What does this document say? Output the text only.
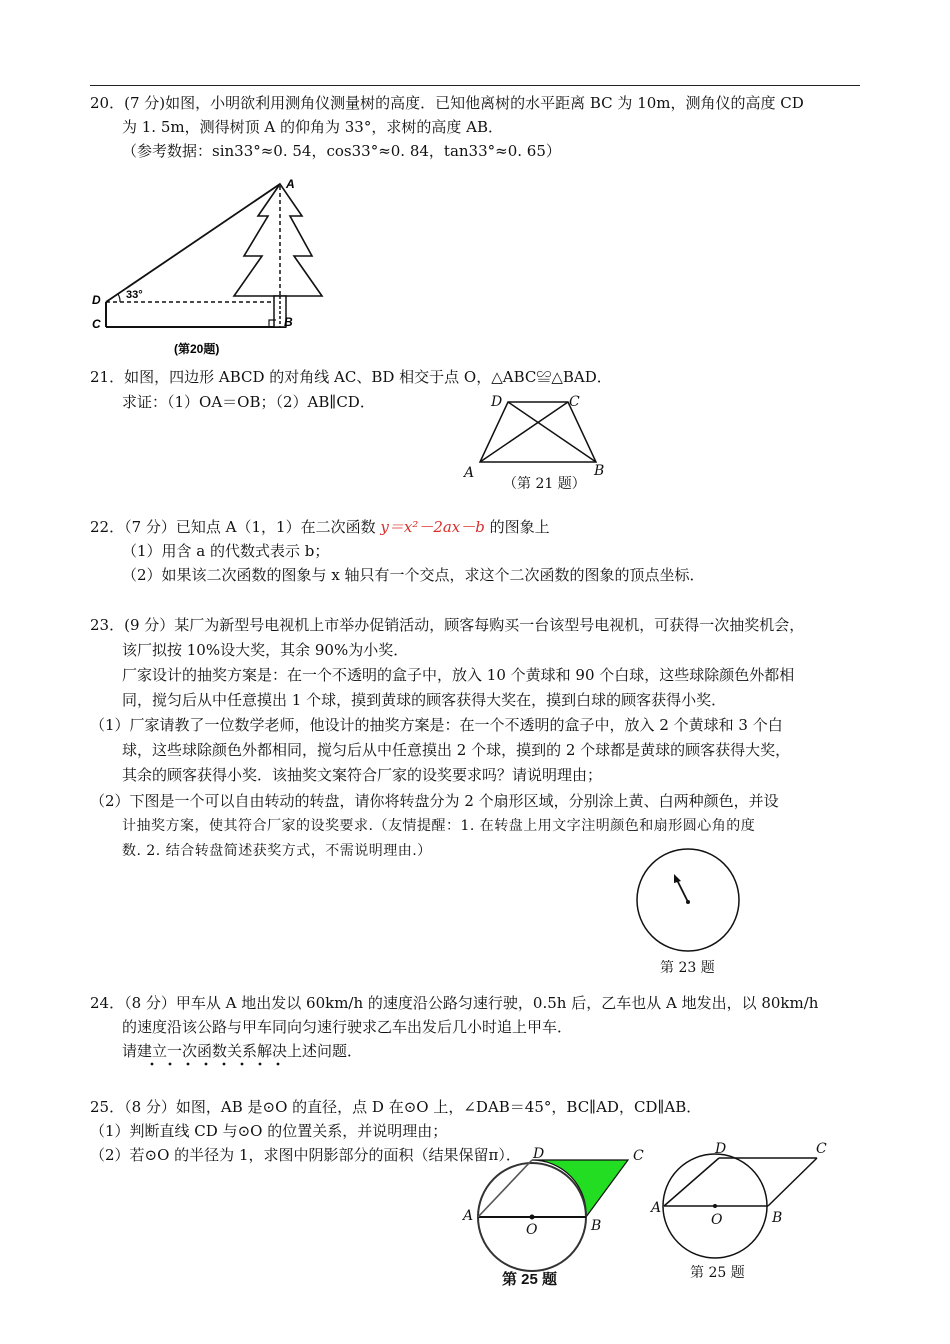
20．(7 分)如图，小明欲利用测角仪测量树的高度．已知他离树的水平距离 BC 为 10m，测角仪的高度 CD
为 1. 5m，测得树顶 A 的仰角为 33°，求树的高度 AB．
（参考数据：sin33°≈0. 54，cos33°≈0. 84，tan33°≈0. 65）
A
B
C
D 33°
(第20题)
21．如图，四边形 ABCD 的对角线 AC、BD 相交于点 O，△ABC≌△BAD．
求证：（1）OA＝OB；（2）AB∥CD．	D	C
A	B
（第 21 题）
22．（7 分）已知点 A（1，1）在二次函数 y＝x²－2ax－b 的图象上
（1）用含 a 的代数式表示 b；
（2）如果该二次函数的图象与 x 轴只有一个交点，求这个二次函数的图象的顶点坐标．
23．(9 分）某厂为新型号电视机上市举办促销活动，顾客每购买一台该型号电视机，可获得一次抽奖机会，
该厂拟按 10%设大奖，其余 90%为小奖．
厂家设计的抽奖方案是：在一个不透明的盒子中，放入 10 个黄球和 90 个白球，这些球除颜色外都相
同，搅匀后从中任意摸出 1 个球，摸到黄球的顾客获得大奖在，摸到白球的顾客获得小奖．
（1）厂家请教了一位数学老师，他设计的抽奖方案是：在一个不透明的盒子中，放入 2 个黄球和 3 个白
球，这些球除颜色外都相同，搅匀后从中任意摸出 2 个球，摸到的 2 个球都是黄球的顾客获得大奖，
其余的顾客获得小奖．该抽奖文案符合厂家的设奖要求吗？请说明理由；
（2）下图是一个可以自由转动的转盘，请你将转盘分为 2 个扇形区域，分别涂上黄、白两种颜色，并设
计抽奖方案，使其符合厂家的设奖要求.（友情提醒：1. 在转盘上用文字注明颜色和扇形圆心角的度
数. 2. 结合转盘简述获奖方式，不需说明理由.）
第 23 题
24．（8 分）甲车从 A 地出发以 60km/h 的速度沿公路匀速行驶，0.5h 后，乙车也从 A 地发出，以 80km/h
的速度沿该公路与甲车同向匀速行驶求乙车出发后几小时追上甲车．
请建立一次函数关系解决上述问题．
25．（8 分）如图，AB 是⊙O 的直径，点 D 在⊙O 上，∠DAB＝45°，BC∥AD，CD∥AB．
（1）判断直线 CD 与⊙O 的位置关系，并说明理由；
（2）若⊙O 的半径为 1，求图中阴影部分的面积（结果保留π）．
A
B
C
D
O
第 25 题
D	C
A
B
O
第 25 题
